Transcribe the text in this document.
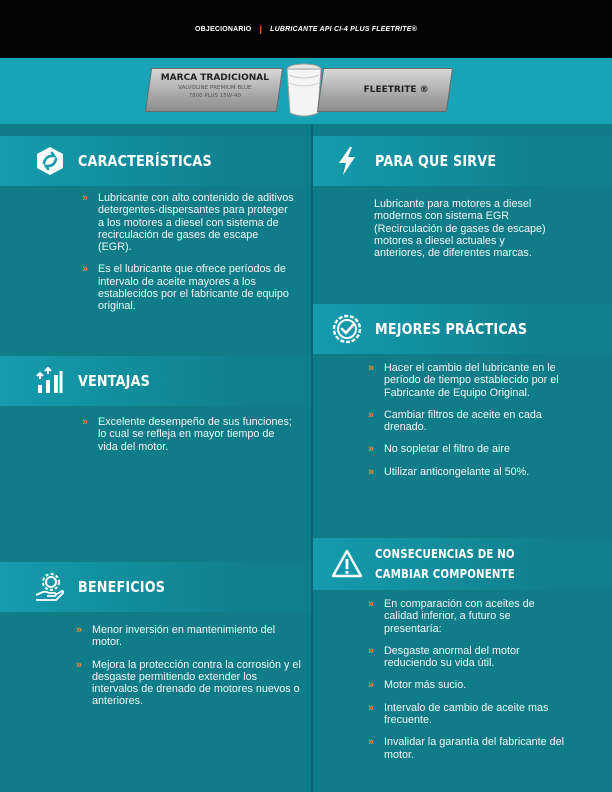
OBJECIONARIO | LUBRICANTE API CI-4 PLUS FLEETRITE®
MARCA TRADICIONAL
VALVOLINE PREMIUM BLUE
7800 PLUS 15W-40
FLEETRITE ®
CARACTERÍSTICAS
» Lubricante con alto contenido de aditivos detergentes-dispersantes para proteger a los motores a diesel con sistema de recirculación de gases de escape (EGR).
» Es el lubricante que ofrece períodos de intervalo de aceite mayores a los establecidos por el fabricante de equipo original.
VENTAJAS
» Excelente desempeño de sus funciones; lo cual se refleja en mayor tiempo de vida del motor.
BENEFICIOS
» Menor inversión en mantenimiento del motor.
» Mejora la protección contra la corrosión y el desgaste permitiendo extender los intervalos de drenado de motores nuevos o anteriores.
PARA QUE SIRVE
Lubricante para motores a diesel modernos con sistema EGR (Recirculación de gases de escape) motores a diesel actuales y anteriores, de diferentes marcas.
MEJORES PRÁCTICAS
» Hacer el cambio del lubricante en le período de tiempo establecido por el Fabricante de Equipo Original.
» Cambiar filtros de aceite en cada drenado.
» No sopletar el filtro de aire
» Utilizar anticongelante al 50%.
CONSECUENCIAS DE NO
CAMBIAR COMPONENTE
» En comparación con aceites de calidad inferior, a futuro se presentaría:
» Desgaste anormal del motor reduciendo su vida útil.
» Motor más sucio.
» Intervalo de cambio de aceite mas frecuente.
» Invalidar la garantía del fabricante del motor.
